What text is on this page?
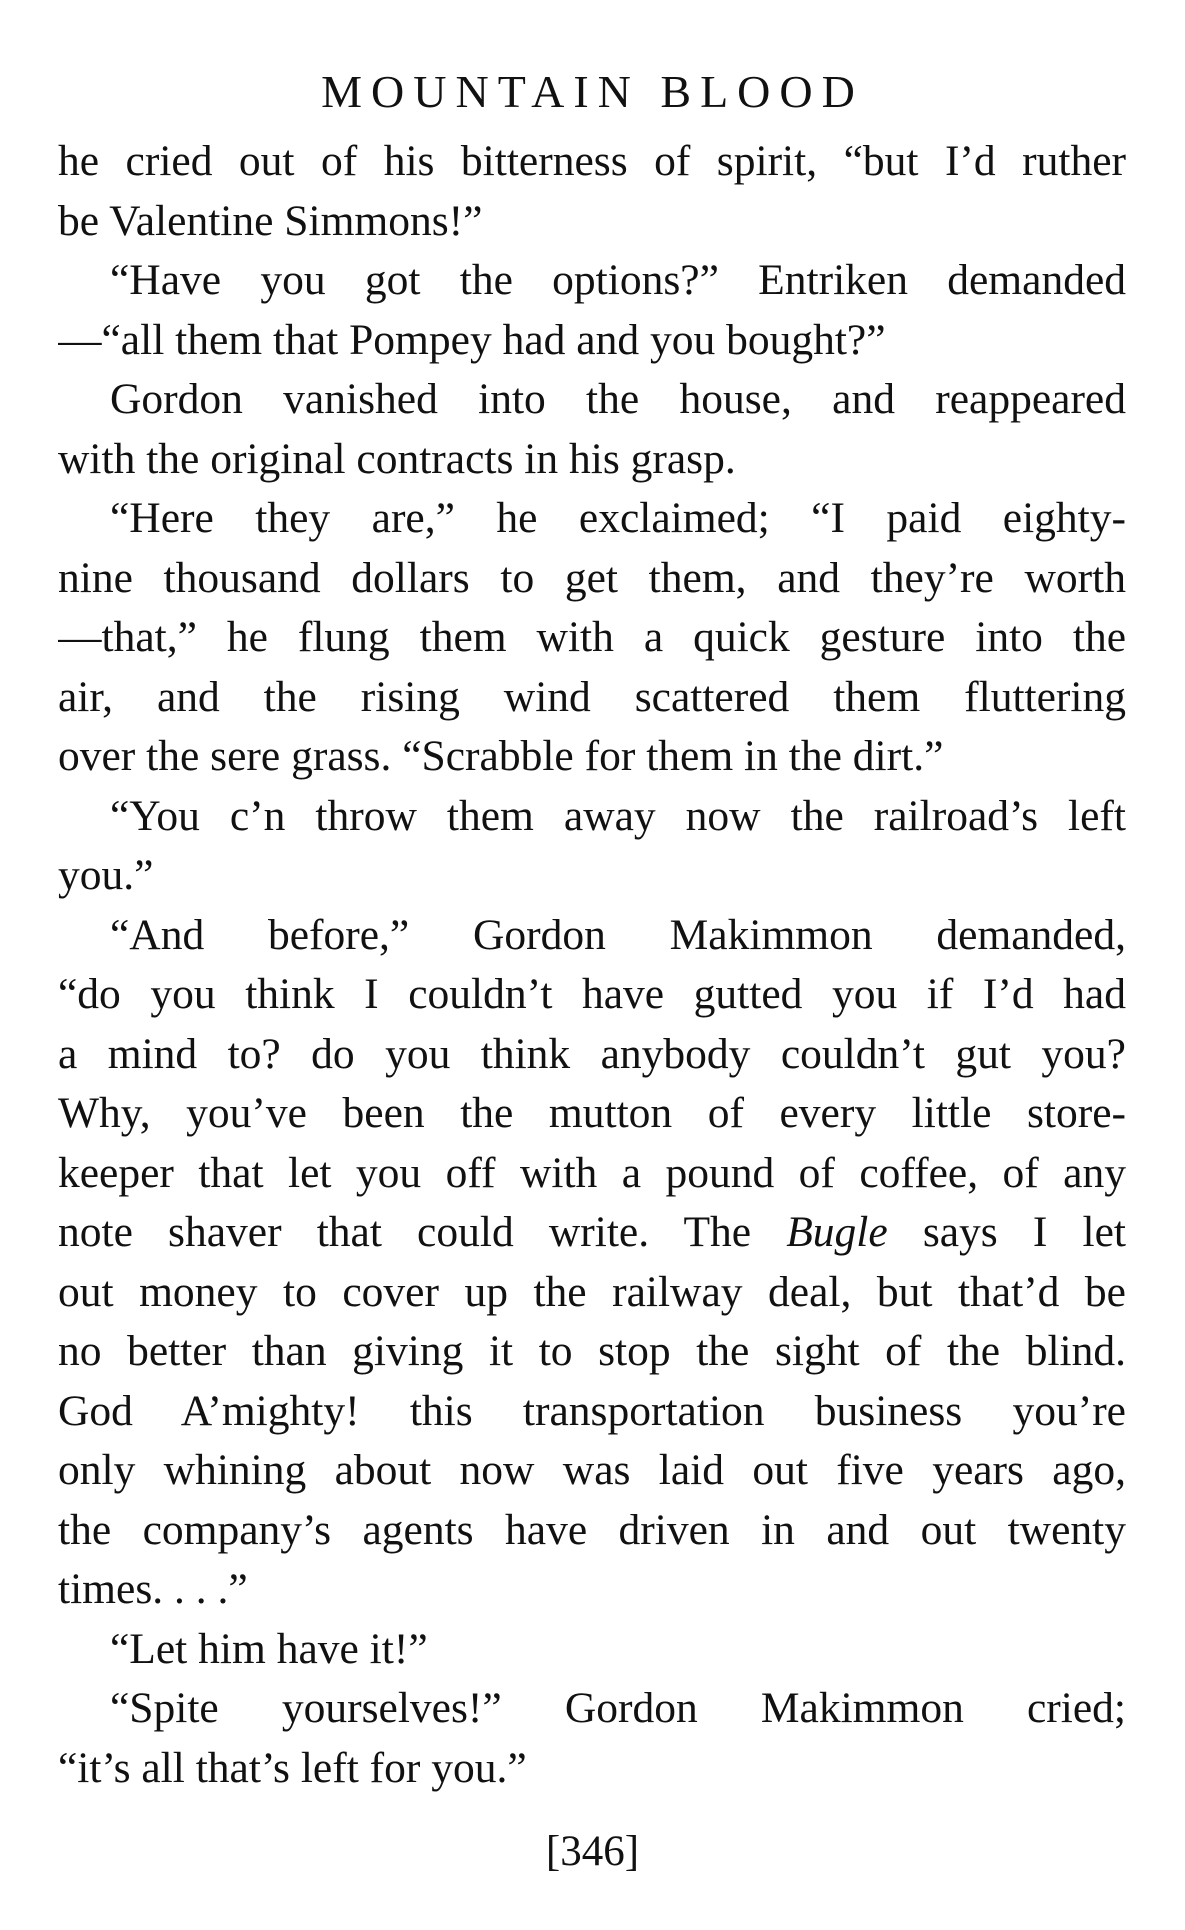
MOUNTAIN BLOOD
he cried out of his bitterness of spirit, “but I’d ruther
be Valentine Simmons!”
“Have you got the options?” Entriken demanded
—“all them that Pompey had and you bought?”
Gordon vanished into the house, and reappeared
with the original contracts in his grasp.
“Here they are,” he exclaimed; “I paid eighty-
nine thousand dollars to get them, and they’re worth
—that,” he flung them with a quick gesture into the
air, and the rising wind scattered them fluttering
over the sere grass. “Scrabble for them in the dirt.”
“You c’n throw them away now the railroad’s left
you.”
“And before,” Gordon Makimmon demanded,
“do you think I couldn’t have gutted you if I’d had
a mind to? do you think anybody couldn’t gut you?
Why, you’ve been the mutton of every little store-
keeper that let you off with a pound of coffee, of any
note shaver that could write. The Bugle says I let
out money to cover up the railway deal, but that’d be
no better than giving it to stop the sight of the blind.
God A’mighty! this transportation business you’re
only whining about now was laid out five years ago,
the company’s agents have driven in and out twenty
times. . . .”
“Let him have it!”
“Spite yourselves!” Gordon Makimmon cried;
“it’s all that’s left for you.”
[346]
